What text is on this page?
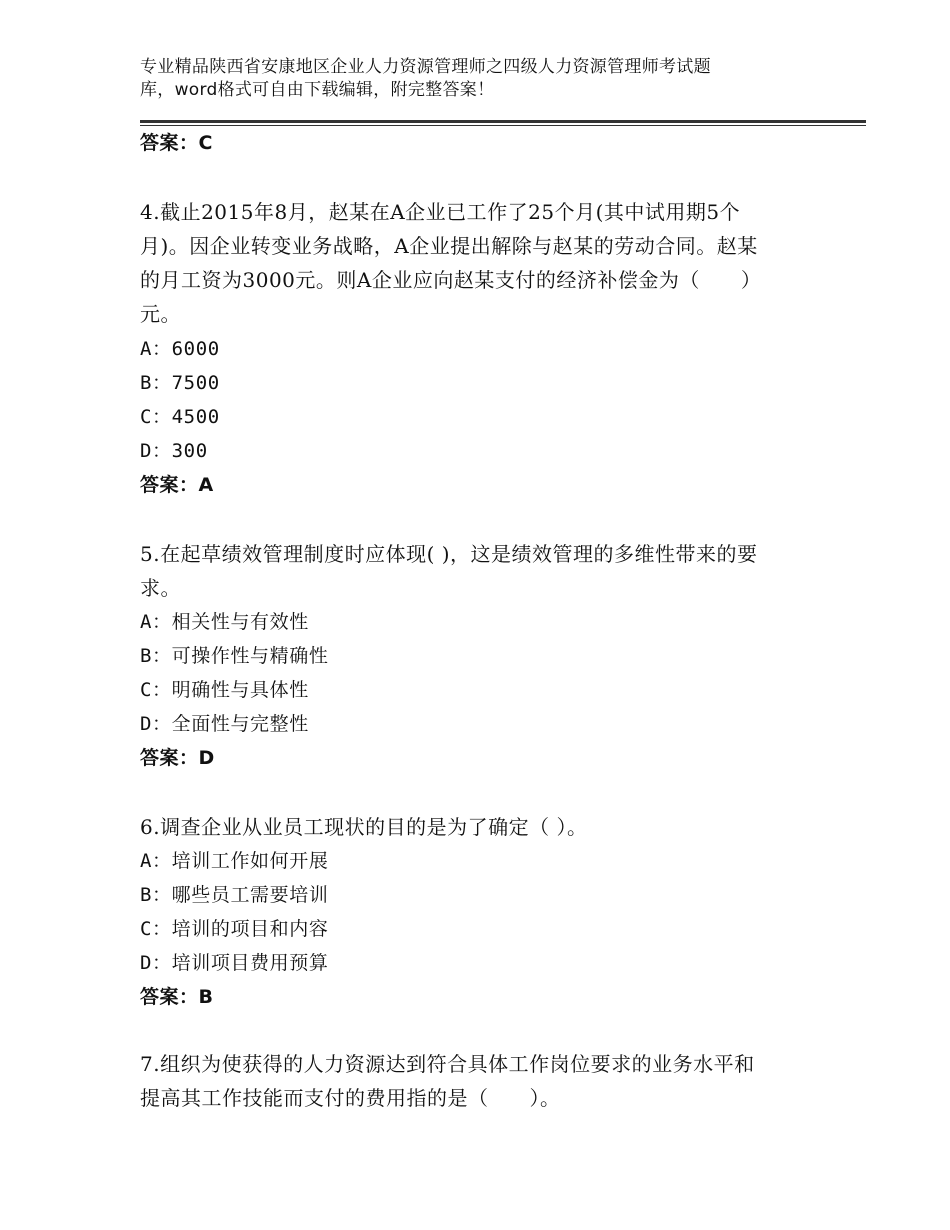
专业精品陕西省安康地区企业人力资源管理师之四级人力资源管理师考试题
库，word格式可自由下载编辑，附完整答案！
答案：C
4.截止2015年8月，赵某在A企业已工作了25个月(其中试用期5个
月)。因企业转变业务战略，A企业提出解除与赵某的劳动合同。赵某
的月工资为3000元。则A企业应向赵某支付的经济补偿金为（　　）
元。
A：6000
B：7500
C：4500
D：300
答案：A
5.在起草绩效管理制度时应体现( )，这是绩效管理的多维性带来的要
求。
A：相关性与有效性
B：可操作性与精确性
C：明确性与具体性
D：全面性与完整性
答案：D
6.调查企业从业员工现状的目的是为了确定（ ）。
A：培训工作如何开展
B：哪些员工需要培训
C：培训的项目和内容
D：培训项目费用预算
答案：B
7.组织为使获得的人力资源达到符合具体工作岗位要求的业务水平和
提高其工作技能而支付的费用指的是（　　）。
